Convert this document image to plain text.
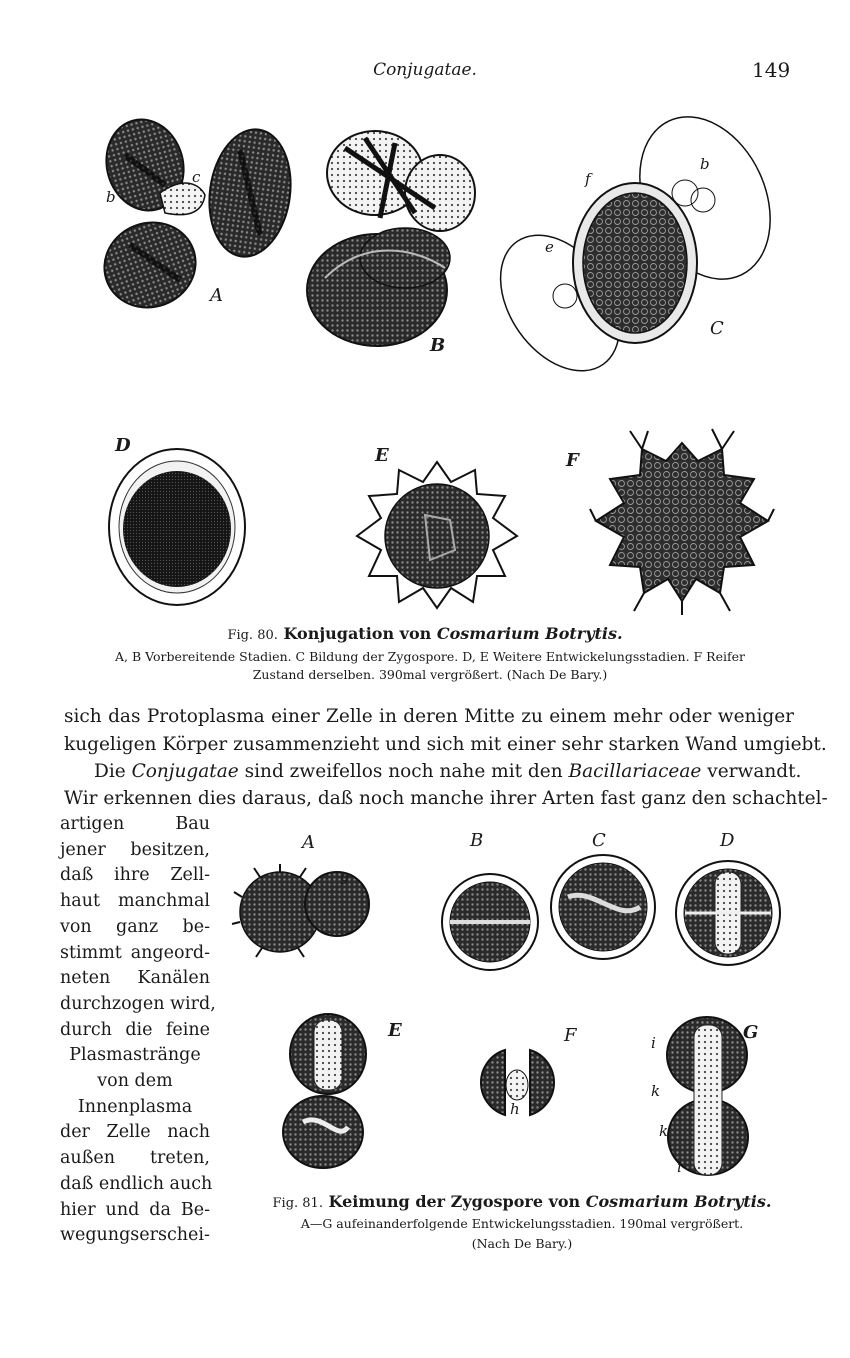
Conjugatae.	149
b
c
A
B
f
b
e
C
D	E	F
Fig. 80. Konjugation von Cosmarium Botrytis.
A, B Vorbereitende Stadien. C Bildung der Zygospore. D, E Weitere Entwickelungsstadien. F Reifer
Zustand derselben. 390mal vergrößert. (Nach De Bary.)
sich das Protoplasma einer Zelle in deren Mitte zu einem mehr oder weniger
kugeligen Körper zusammenzieht und sich mit einer sehr starken Wand umgiebt.
Die Conjugatae sind zweifellos noch nahe mit den Bacillariaceae verwandt.
Wir erkennen dies daraus, daß noch manche ihrer Arten fast ganz den schachtel-
artigen Bau
jener besitzen,
daß ihre Zell-
haut manchmal
von ganz be-
stimmt angeord-
neten Kanälen
durchzogen wird,
durch die feine
Plasmastränge
von dem
Innenplasma
der Zelle nach
außen treten,
daß endlich auch
hier und da Be-
wegungserschei-
A
g
B	C	D
E	F
h
G
i
k
k
i
Fig. 81. Keimung der Zygospore von Cosmarium Botrytis.
A—G aufeinanderfolgende Entwickelungsstadien. 190mal vergrößert.
(Nach De Bary.)
